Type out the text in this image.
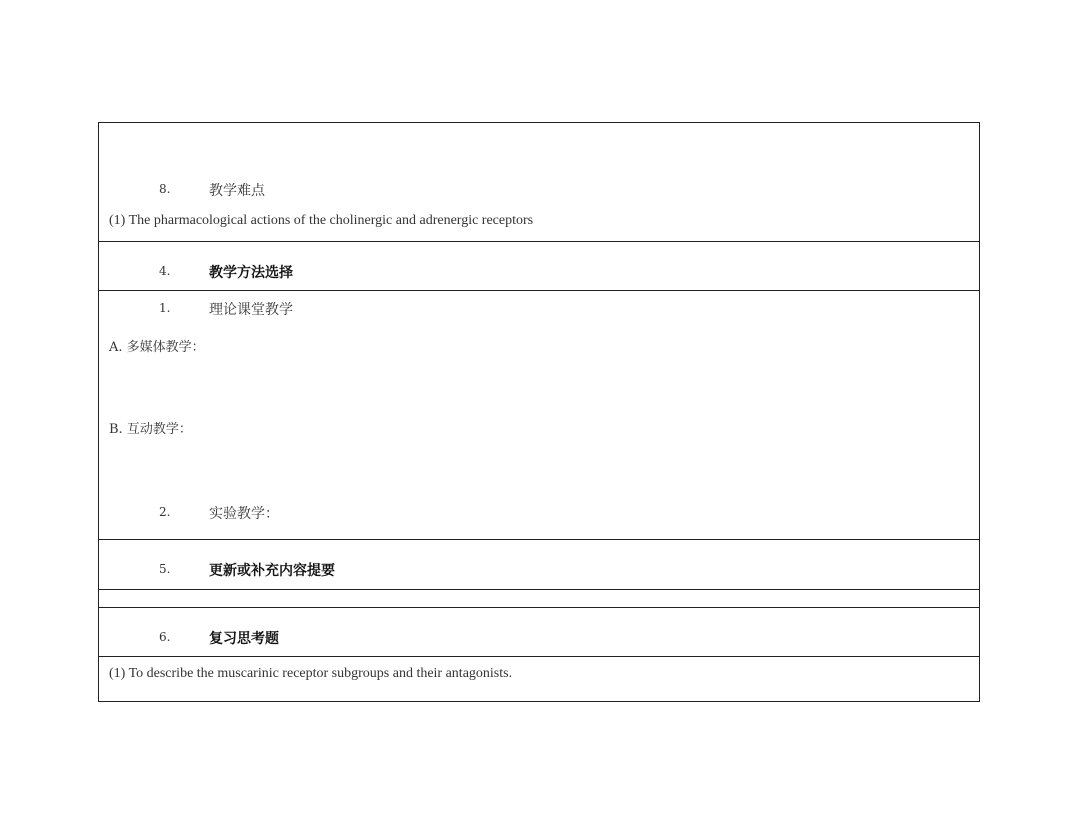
8.	教学难点
(1) The pharmacological actions of the cholinergic and adrenergic receptors
4.	教学方法选择
1.	理论课堂教学
A. 多媒体教学：
B. 互动教学：
2.	实验教学：
5.	更新或补充内容提要
6.	复习思考题
(1) To describe the muscarinic receptor subgroups and their antagonists.
